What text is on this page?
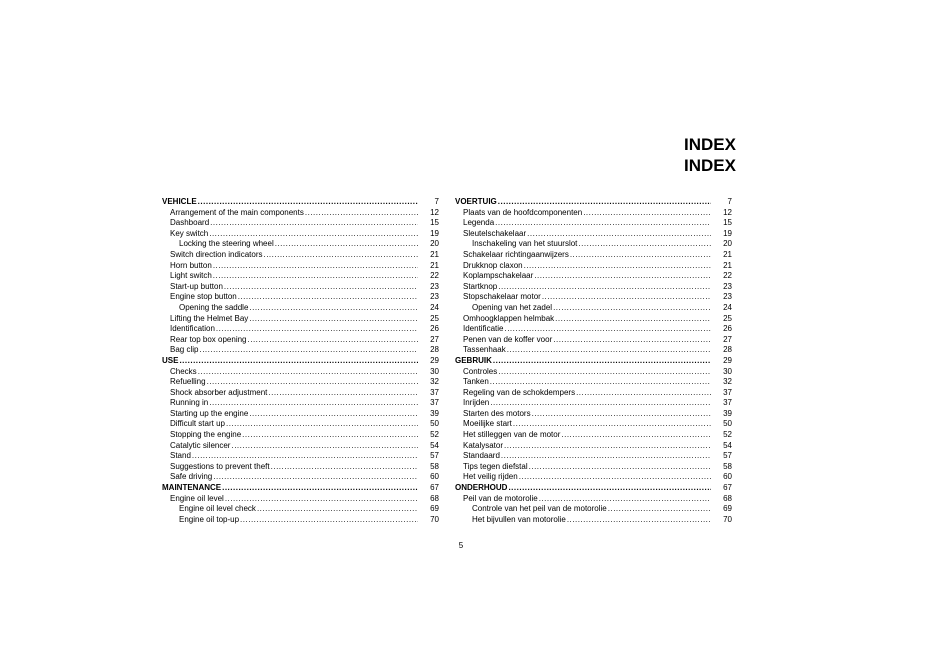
INDEX
INDEX
VEHICLE .....	7
Arrangement of the main components .....	12
Dashboard .....	15
Key switch .....	19
Locking the steering wheel .....	20
Switch direction indicators .....	21
Horn button .....	21
Light switch .....	22
Start-up button .....	23
Engine stop button .....	23
Opening the saddle .....	24
Lifting the Helmet Bay .....	25
Identification .....	26
Rear top box opening .....	27
Bag clip .....	28
USE .....	29
Checks .....	30
Refuelling .....	32
Shock absorber adjustment .....	37
Running in .....	37
Starting up the engine .....	39
Difficult start up .....	50
Stopping the engine .....	52
Catalytic silencer .....	54
Stand .....	57
Suggestions to prevent theft .....	58
Safe driving .....	60
MAINTENANCE .....	67
Engine oil level .....	68
Engine oil level check .....	69
Engine oil top-up .....	70
VOERTUIG .....	7
Plaats van de hoofdcomponenten .....	12
Legenda .....	15
Sleutelschakelaar .....	19
Inschakeling van het stuurslot .....	20
Schakelaar richtingaanwijzers .....	21
Drukknop claxon .....	21
Koplampschakelaar .....	22
Startknop .....	23
Stopschakelaar motor .....	23
Opening van het zadel .....	24
Omhoogklappen helmbak .....	25
Identificatie .....	26
Penen van de koffer voor .....	27
Tassenhaak .....	28
GEBRUIK .....	29
Controles .....	30
Tanken .....	32
Regeling van de schokdempers .....	37
Inrijden .....	37
Starten des motors .....	39
Moeilijke start .....	50
Het stilleggen van de motor .....	52
Katalysator .....	54
Standaard .....	57
Tips tegen diefstal .....	58
Het veilig rijden .....	60
ONDERHOUD .....	67
Peil van de motorolie .....	68
Controle van het peil van de motorolie .....	69
Het bijvullen van motorolie .....	70
5
